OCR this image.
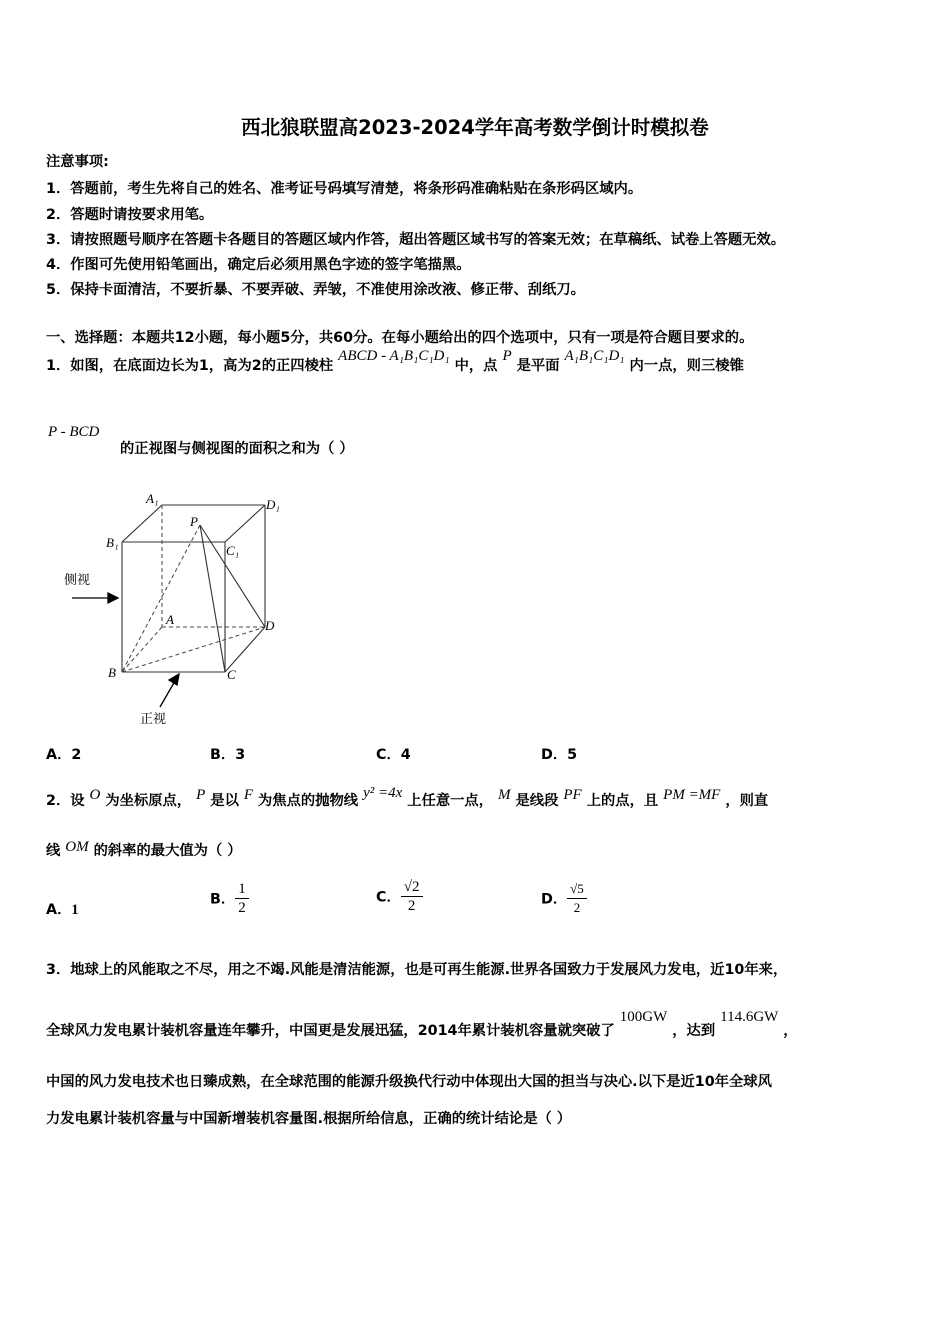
西北狼联盟高2023-2024学年高考数学倒计时模拟卷
注意事项:
1．答题前，考生先将自己的姓名、准考证号码填写清楚，将条形码准确粘贴在条形码区域内。
2．答题时请按要求用笔。
3．请按照题号顺序在答题卡各题目的答题区域内作答，超出答题区域书写的答案无效；在草稿纸、试卷上答题无效。
4．作图可先使用铅笔画出，确定后必须用黑色字迹的签字笔描黑。
5．保持卡面清洁，不要折暴、不要弄破、弄皱，不准使用涂改液、修正带、刮纸刀。
一、选择题：本题共12小题，每小题5分，共60分。在每小题给出的四个选项中，只有一项是符合题目要求的。
1．如图，在底面边长为1，高为2的正四棱柱 ABCD - A₁B₁C₁D₁ 中，点 P 是平面 A₁B₁C₁D₁ 内一点，则三棱锥
P - BCD
的正视图与侧视图的面积之和为（ ）
A₁	D₁
B₁
C₁
P
A	D
B	C
侧视
正视
A．2	B．3	C．4	D．5
2．设 O 为坐标原点， P 是以 F 为焦点的抛物线 y² =4x 上任意一点， M 是线段 PF 上的点，且 PM =MF ，则直
线 OM 的斜率的最大值为（ ）
A．1
B． $\frac{1}{2}$	C． $\frac{√2}{2}$	D． $\frac{√5}{2}$
3．地球上的风能取之不尽，用之不竭.风能是清洁能源，也是可再生能源.世界各国致力于发展风力发电，近10年来，
全球风力发电累计装机容量连年攀升，中国更是发展迅猛，2014年累计装机容量就突破了 100GW ，达到 114.6GW ，
中国的风力发电技术也日臻成熟，在全球范围的能源升级换代行动中体现出大国的担当与决心.以下是近10年全球风
力发电累计装机容量与中国新增装机容量图.根据所给信息，正确的统计结论是（ ）
